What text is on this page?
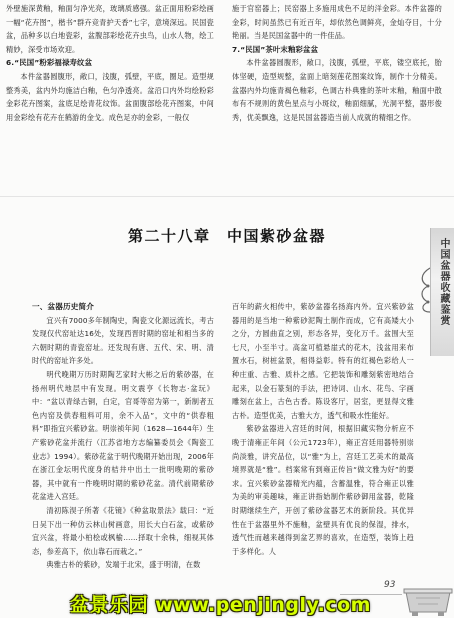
外壁施深黄釉，釉面匀净光亮，玻璃质感强。盆正面用粉彩绘画一幅“花卉图”，楷书“群卉竞青护天香”七字，意境深远。民国瓷盆，品种多以白地瓷彩，盆腹部彩绘花卉虫鸟，山水人物，绘工精妙，深受市场欢迎。

6.“民国”粉彩福禄寿纹盆

本件盆器圆腹形，敞口，浅腹，弧壁，平底，圈足。造型规整秀美，盆内外均施洁白釉，色匀净透亮。盆沿口内外均绘粉彩金彩花卉图案，盆底足绘青花纹饰。盆面腹部绘花卉图案，中间用金彩绘有花卉在鹤游的金戈。成色足亦的金彩，一般仅

施于官窑器上；民窑器上多施用成色不足的洋金彩。本件盆器的金彩，时间虽然已有近百年，却依然色调鲜亮，金灿夺目，十分艳丽。当是民国盆器中的一件佳品。

7.“民国”茶叶末釉彩盆盆

本件盆器圆腹形，敞口，浅腹，弧壁，平底，镂空底托，胎体坚硬，造型规整，盆面上暗刻莲花图案纹饰，制作十分精美。盆器内外均施青褐色釉彩，色调古朴典雅的茶叶末釉，釉面中散布有不规则的黄色星点与小斑纹，釉面细腻，光洞平整，器形俊秀，优美飘逸，这是民国盆器造当前人成就的精细之作。

第二十八章　中国紫砂盆器
中国盆器收藏鉴赏
一、盆器历史简介

宜兴有7000多年制陶史，陶瓷文化源远流长，考古发现仅代窑址达16处，发现西晋时期的窑址和相当多的六朝时期的青瓷窑址。还发现有唐、五代、宋、明、清时代的窑址许多处。

明代晚期万历时期陶艺家时大彬之后的紫砂器，在扬州明代地层中有发现。明文震亨《长物志·盆玩》中：“盆以青绿古铜，白定，官哥等窑为第一，新制者五色内窑及供春粗料可用，余不入品”，文中的“供春粗料”即指宜兴紫砂盆。明崇祯年间（1628—1644年）生产紫砂花盆并流行（江苏省地方志编纂委员会《陶瓷工业志》1994）。紫砂花盆于明代晚期开始出现，2006年在浙江金坛明代度身的桔井中出土一批明晚期的紫砂器，其中就有一件晚明时期的紫砂花盆。清代前期紫砂花盆进入宫廷。

清初陈淏子所著《花镜》《种盆取景法》载曰：“近日吴下出一种仿云林山树画意，用长大白石盆，或紫砂宜兴盆，将最小柏桧或枫榆……择取十余株，细视其体态，参差高下，依山靠石而栽之。”

典雅古朴的紫砂，发端于北宋，盛于明清，在数

百年的薪火相传中，紫砂盆器名扬海内外。宜兴紫砂盆器用的是当地一种紫砂泥陶土制作而成，它有高矮大小之分，方圆曲直之别，形态各异，变化万千。盆围大至七尺，小至半寸。高盆可植悬崖式的花木，浅盆用来布置水石，树桩盆景，相得益彰。特有的红褐色彩给人一种庄重、古雅、质朴之感。它把装饰和雕刻紫密地结合起来，以金石篆刻的手法，把诗词、山水、花鸟、字画雕刻在盆上，古色古香。陈设客厅，居室，更显得文雅古朴。造型优美，古雅大方，透气和吸水性能好。

紫砂盆器进入宫廷的时间，根据旧藏实物分析应不晚于清雍正年间（公元1723年），雍正宫廷用器特别崇尚淡雅，讲究品位，以“雅”为上，宫廷工艺美术的最高境界就是“雅”。档案常有到雍正传旨“做文雅为好”的要求。宜兴紫砂盆器精光内蕴，含蓄温雅，符合雍正以雅为美的审美趣味，雍正讲指始制作紫砂御用盆器，乾隆时期继续生产，开创了紫砂盆器艺术的新阶段。其优异性在于盆器里外不施釉，盆壁具有优良的保湿，排水，透气性而越来越得到盆艺界的喜欢，在造型，装饰上趋于多样化。人

93
盆景乐园 www.penjingly.com
